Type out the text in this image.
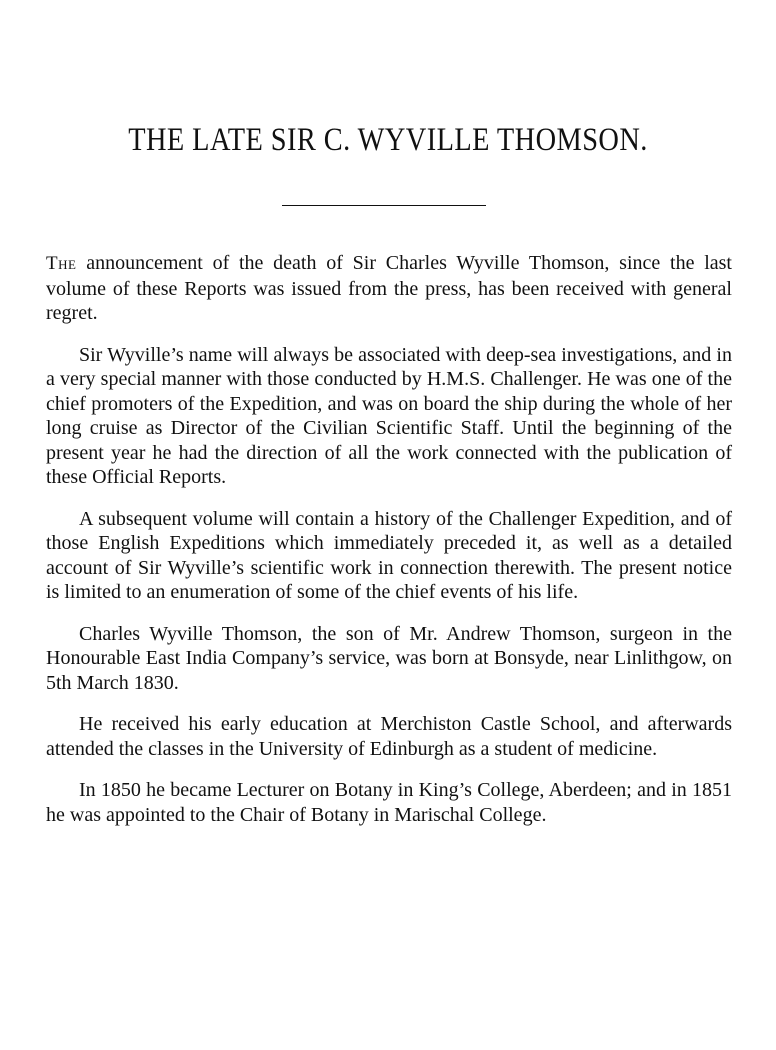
THE LATE SIR C. WYVILLE THOMSON.

The announcement of the death of Sir Charles Wyville Thomson, since the last volume of these Reports was issued from the press, has been received with general regret.

Sir Wyville’s name will always be associated with deep-sea investigations, and in a very special manner with those conducted by H.M.S. Challenger. He was one of the chief promoters of the Expedition, and was on board the ship during the whole of her long cruise as Director of the Civilian Scientific Staff. Until the beginning of the present year he had the direction of all the work connected with the publication of these Official Reports.

A subsequent volume will contain a history of the Challenger Expedition, and of those English Expeditions which immediately preceded it, as well as a detailed account of Sir Wyville’s scientific work in connection therewith. The present notice is limited to an enumeration of some of the chief events of his life.

Charles Wyville Thomson, the son of Mr. Andrew Thomson, surgeon in the Honourable East India Company’s service, was born at Bonsyde, near Linlithgow, on 5th March 1830.

He received his early education at Merchiston Castle School, and afterwards attended the classes in the University of Edinburgh as a student of medicine.

In 1850 he became Lecturer on Botany in King’s College, Aberdeen; and in 1851 he was appointed to the Chair of Botany in Marischal College.
